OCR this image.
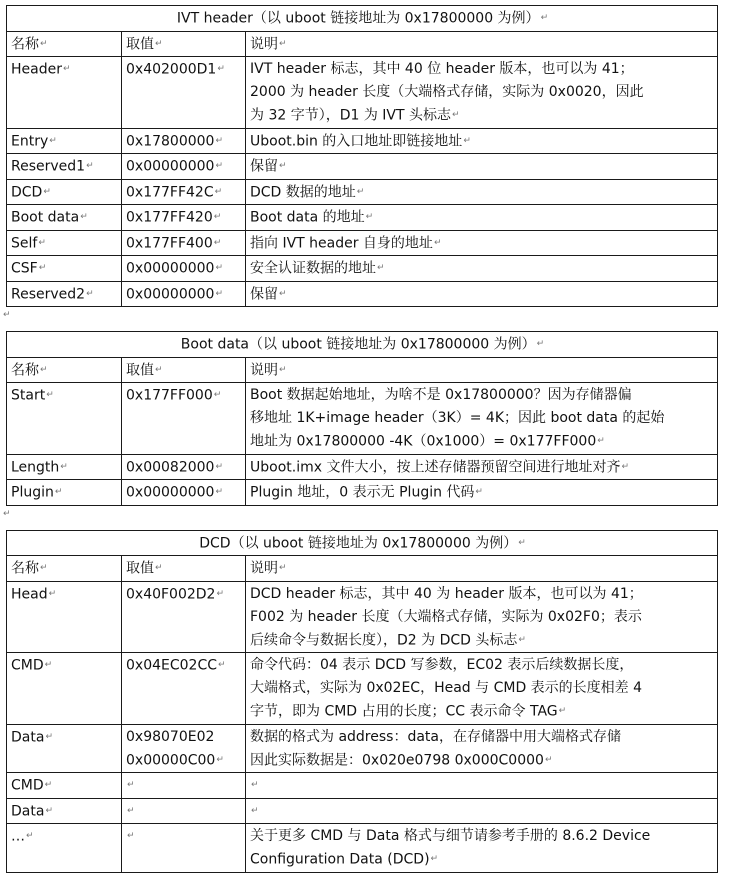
IVT header（以 uboot 链接地址为 0x17800000 为例）↵		
名称↵	取值↵	说明↵
Header↵	0x402000D1↵	IVT header 标志，其中 40 位 header 版本，也可以为 41；
2000 为 header 长度（大端格式存储，实际为 0x0020，因此
为 32 字节），D1 为 IVT 头标志↵

Entry↵	0x17800000↵	Uboot.bin 的入口地址即链接地址↵

Reserved1↵	0x00000000↵	保留↵

DCD↵	0x177FF42C↵	DCD 数据的地址↵

Boot data↵	0x177FF420↵	Boot data 的地址↵

Self↵	0x177FF400↵	指向 IVT header 自身的地址↵

CSF↵	0x00000000↵	安全认证数据的地址↵

Reserved2↵	0x00000000↵	保留↵
↵
Boot data（以 uboot 链接地址为 0x17800000 为例）↵		
名称↵	取值↵	说明↵
Start↵	0x177FF000↵	Boot 数据起始地址，为啥不是 0x17800000？因为存储器偏
移地址 1K+image header（3K）= 4K；因此 boot data 的起始
地址为 0x17800000 -4K（0x1000）= 0x177FF000↵

Length↵	0x00082000↵	Uboot.imx 文件大小，按上述存储器预留空间进行地址对齐↵

Plugin↵	0x00000000↵	Plugin 地址，0 表示无 Plugin 代码↵
↵
DCD（以 uboot 链接地址为 0x17800000 为例）↵		
名称↵	取值↵	说明↵
Head↵	0x40F002D2↵	DCD header 标志，其中 40 为 header 版本，也可以为 41；
F002 为 header 长度（大端格式存储，实际为 0x02F0；表示
后续命令与数据长度），D2 为 DCD 头标志↵

CMD↵	0x04EC02CC↵	命令代码：04 表示 DCD 写参数，EC02 表示后续数据长度，
大端格式，实际为 0x02EC，Head 与 CMD 表示的长度相差 4
字节，即为 CMD 占用的长度；CC 表示命令 TAG↵

Data↵	0x98070E02
0x00000C00↵	数据的格式为 address：data，在存储器中用大端格式存储
因此实际数据是：0x020e0798 0x000C0000↵

CMD↵	↵	↵

Data↵	↵	↵

…↵	↵	关于更多 CMD 与 Data 格式与细节请参考手册的 8.6.2 Device
Configuration Data (DCD)↵
